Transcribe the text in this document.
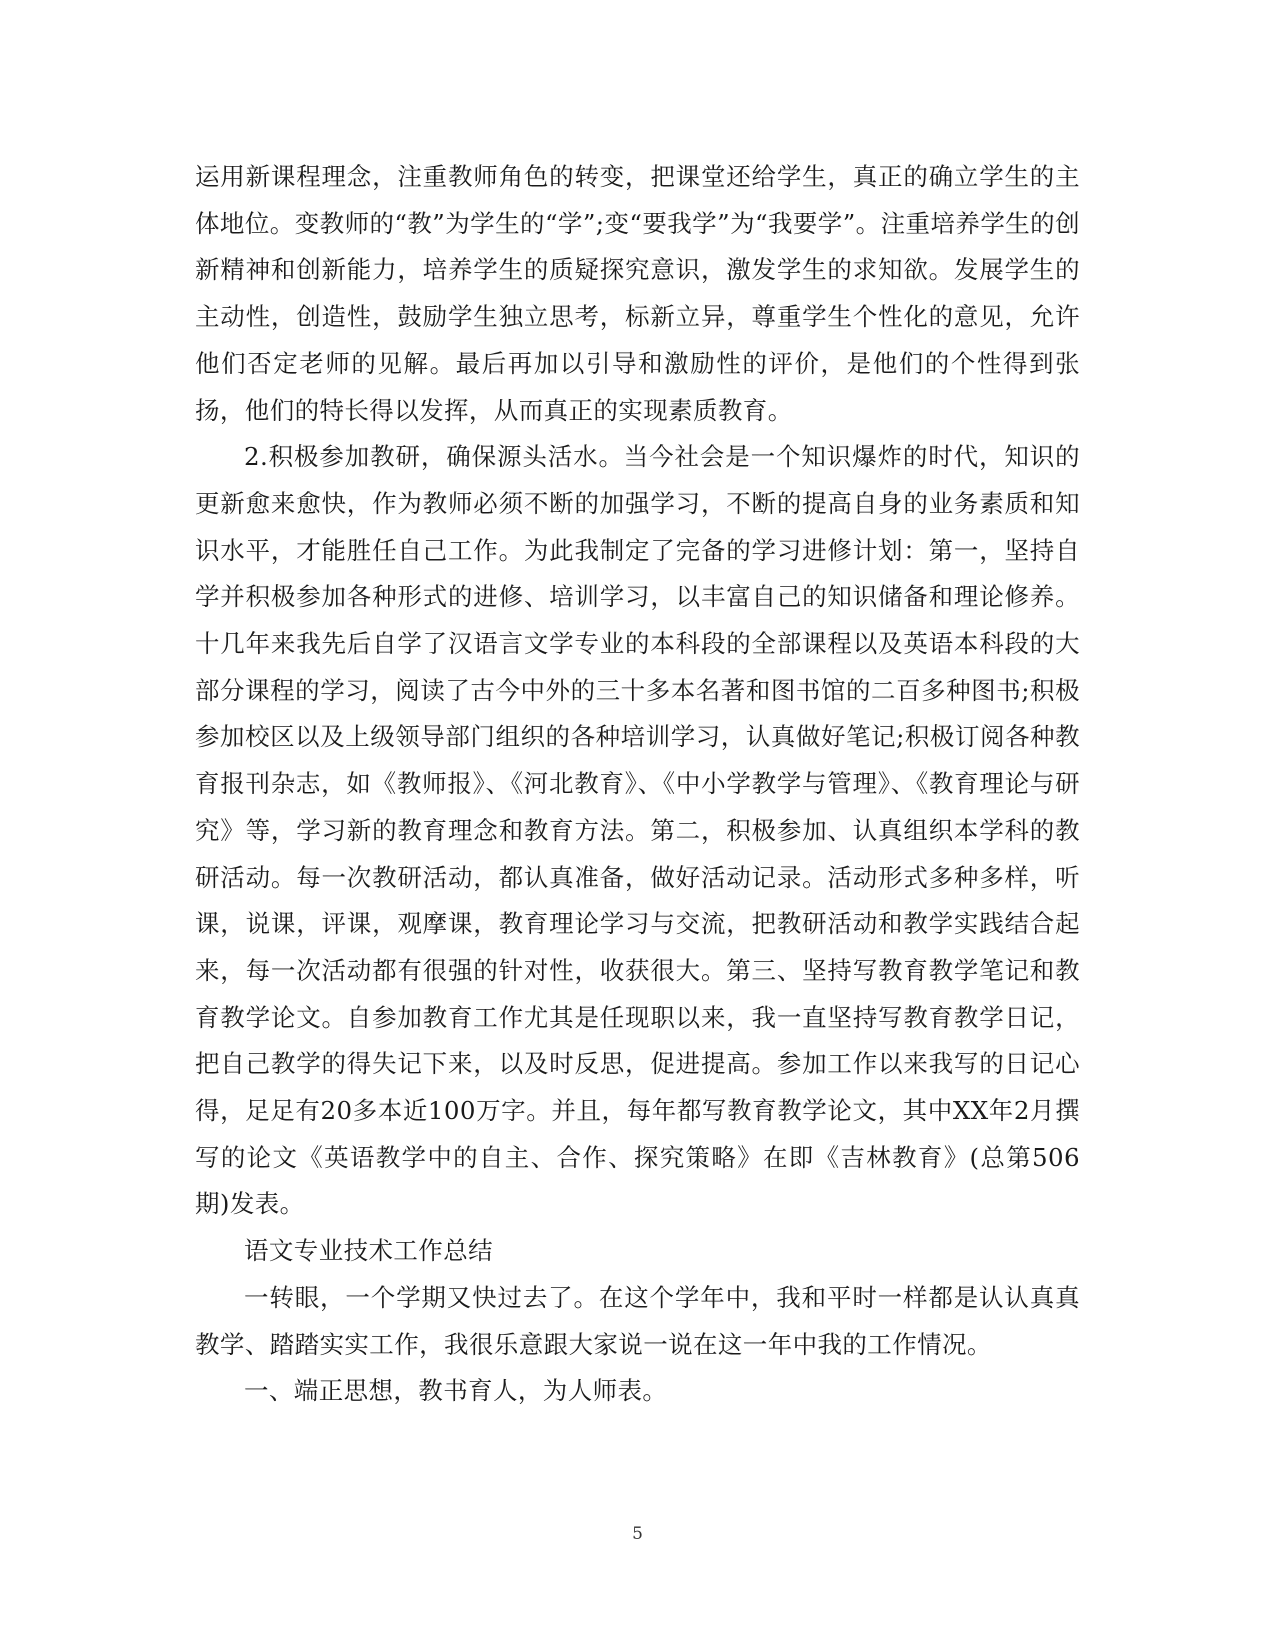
运用新课程理念，注重教师角色的转变，把课堂还给学生，真正的确立学生的主体地位。变教师的“教”为学生的“学”;变“要我学”为“我要学”。注重培养学生的创新精神和创新能力，培养学生的质疑探究意识，激发学生的求知欲。发展学生的主动性，创造性，鼓励学生独立思考，标新立异，尊重学生个性化的意见，允许他们否定老师的见解。最后再加以引导和激励性的评价，是他们的个性得到张扬，他们的特长得以发挥，从而真正的实现素质教育。

2.积极参加教研，确保源头活水。当今社会是一个知识爆炸的时代，知识的更新愈来愈快，作为教师必须不断的加强学习，不断的提高自身的业务素质和知识水平，才能胜任自己工作。为此我制定了完备的学习进修计划：第一，坚持自学并积极参加各种形式的进修、培训学习，以丰富自己的知识储备和理论修养。十几年来我先后自学了汉语言文学专业的本科段的全部课程以及英语本科段的大部分课程的学习，阅读了古今中外的三十多本名著和图书馆的二百多种图书;积极参加校区以及上级领导部门组织的各种培训学习，认真做好笔记;积极订阅各种教育报刊杂志，如《教师报》、《河北教育》、《中小学教学与管理》、《教育理论与研究》等，学习新的教育理念和教育方法。第二，积极参加、认真组织本学科的教研活动。每一次教研活动，都认真准备，做好活动记录。活动形式多种多样，听课，说课，评课，观摩课，教育理论学习与交流，把教研活动和教学实践结合起来，每一次活动都有很强的针对性，收获很大。第三、坚持写教育教学笔记和教育教学论文。自参加教育工作尤其是任现职以来，我一直坚持写教育教学日记，把自己教学的得失记下来，以及时反思，促进提高。参加工作以来我写的日记心得，足足有20多本近100万字。并且，每年都写教育教学论文，其中XX年2月撰写的论文《英语教学中的自主、合作、探究策略》在即《吉林教育》(总第506期)发表。

语文专业技术工作总结

一转眼，一个学期又快过去了。在这个学年中，我和平时一样都是认认真真教学、踏踏实实工作，我很乐意跟大家说一说在这一年中我的工作情况。

一、端正思想，教书育人，为人师表。

5
